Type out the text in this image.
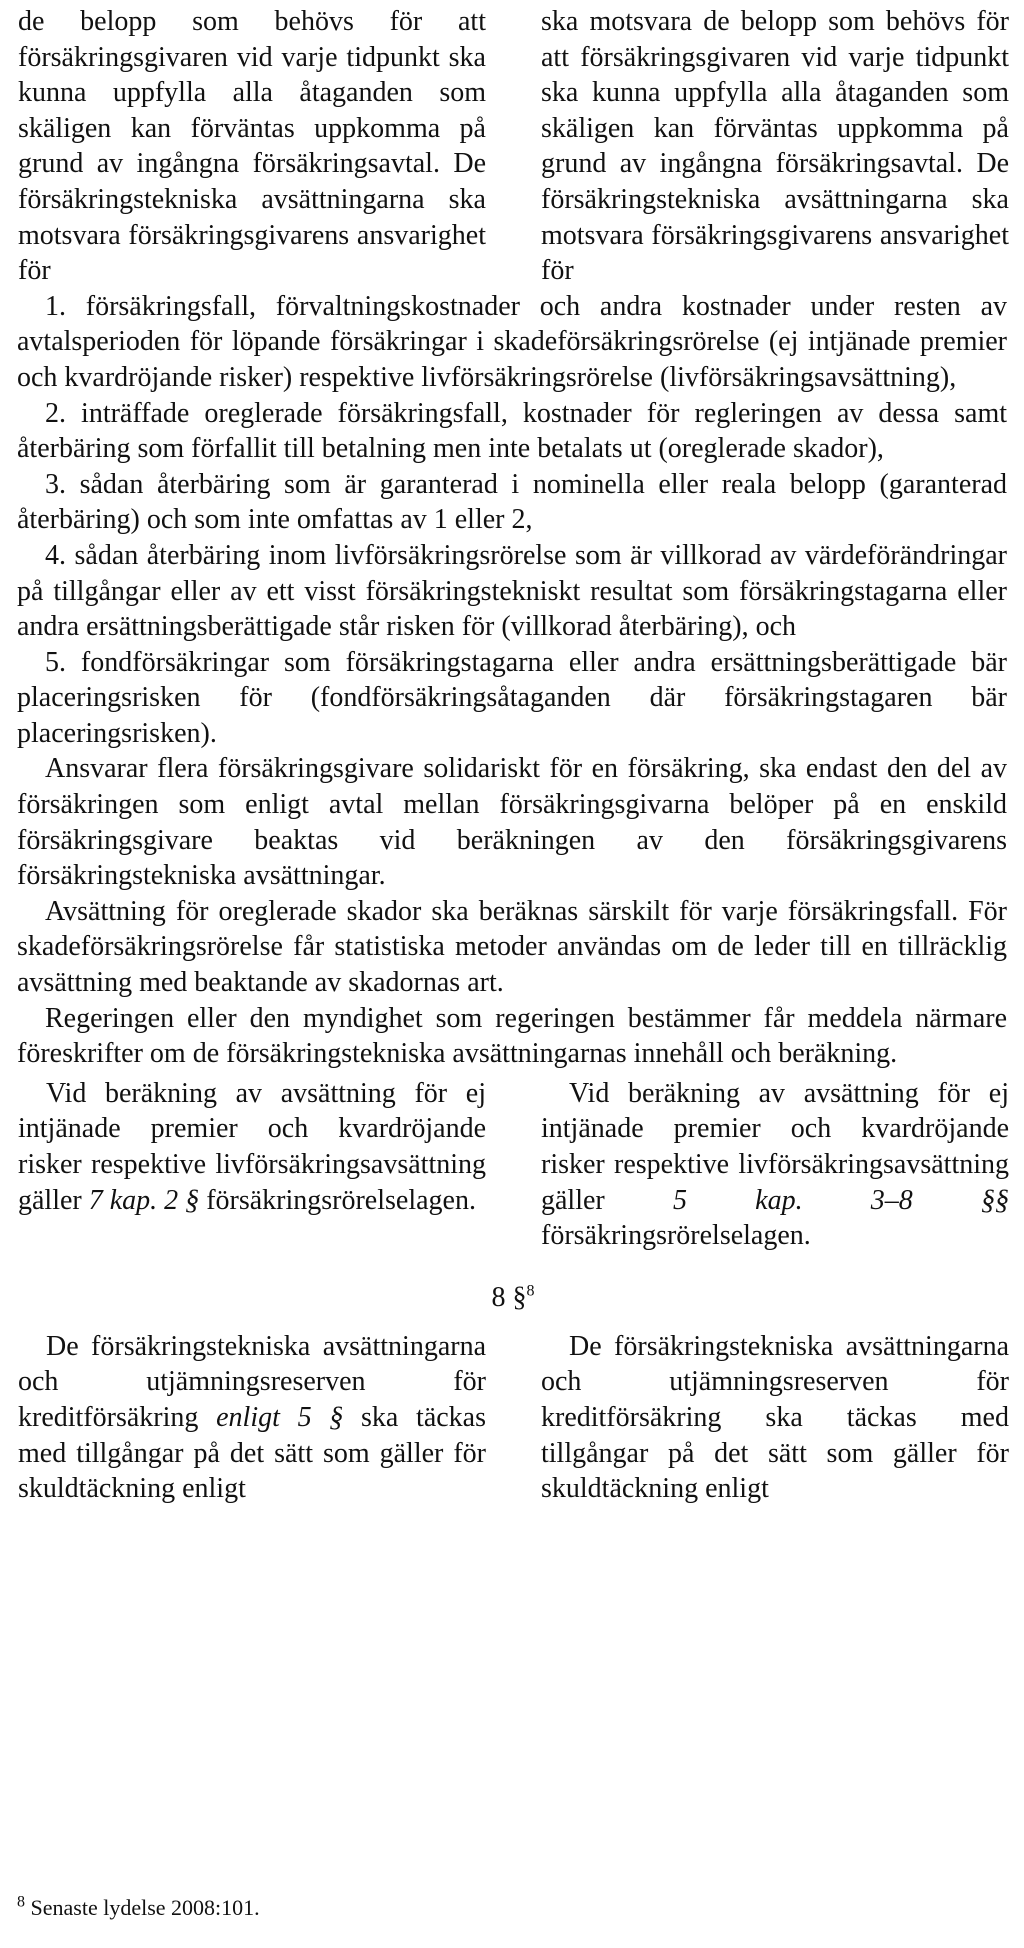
de belopp som behövs för att försäkringsgivaren vid varje tidpunkt ska kunna uppfylla alla åtaganden som skäligen kan förväntas uppkomma på grund av ingångna försäkringsavtal. De försäkringstekniska avsättningarna ska motsvara försäkringsgivarens ansvarighet för

ska motsvara de belopp som behövs för att försäkringsgivaren vid varje tidpunkt ska kunna uppfylla alla åtaganden som skäligen kan förväntas uppkomma på grund av ingångna försäkringsavtal. De försäkringstekniska avsättningarna ska motsvara försäkringsgivarens ansvarighet för

1. försäkringsfall, förvaltningskostnader och andra kostnader under resten av avtalsperioden för löpande försäkringar i skadeförsäkringsrörelse (ej intjänade premier och kvardröjande risker) respektive livförsäkringsrörelse (livförsäkringsavsättning),

2. inträffade oreglerade försäkringsfall, kostnader för regleringen av dessa samt återbäring som förfallit till betalning men inte betalats ut (oreglerade skador),

3. sådan återbäring som är garanterad i nominella eller reala belopp (garanterad återbäring) och som inte omfattas av 1 eller 2,

4. sådan återbäring inom livförsäkringsrörelse som är villkorad av värdeförändringar på tillgångar eller av ett visst försäkringstekniskt resultat som försäkringstagarna eller andra ersättningsberättigade står risken för (villkorad återbäring), och

5. fondförsäkringar som försäkringstagarna eller andra ersättningsberättigade bär placeringsrisken för (fondförsäkringsåtaganden där försäkringstagaren bär placeringsrisken).

Ansvarar flera försäkringsgivare solidariskt för en försäkring, ska endast den del av försäkringen som enligt avtal mellan försäkringsgivarna belöper på en enskild försäkringsgivare beaktas vid beräkningen av den försäkringsgivarens försäkringstekniska avsättningar.

Avsättning för oreglerade skador ska beräknas särskilt för varje försäkringsfall. För skadeförsäkringsrörelse får statistiska metoder användas om de leder till en tillräcklig avsättning med beaktande av skadornas art.

Regeringen eller den myndighet som regeringen bestämmer får meddela närmare föreskrifter om de försäkringstekniska avsättningarnas innehåll och beräkning.

Vid beräkning av avsättning för ej intjänade premier och kvardröjande risker respektive livförsäkringsavsättning gäller 7 kap. 2 § försäkringsrörelselagen.

Vid beräkning av avsättning för ej intjänade premier och kvardröjande risker respektive livförsäkringsavsättning gäller 5 kap. 3–8 §§ försäkringsrörelselagen.

8 §$^8$

De försäkringstekniska avsättningarna och utjämningsreserven för kreditförsäkring enligt 5 § ska täckas med tillgångar på det sätt som gäller för skuldtäckning enligt

De försäkringstekniska avsättningarna och utjämningsreserven för kreditförsäkring ska täckas med tillgångar på det sätt som gäller för skuldtäckning enligt

$^8$ Senaste lydelse 2008:101.
